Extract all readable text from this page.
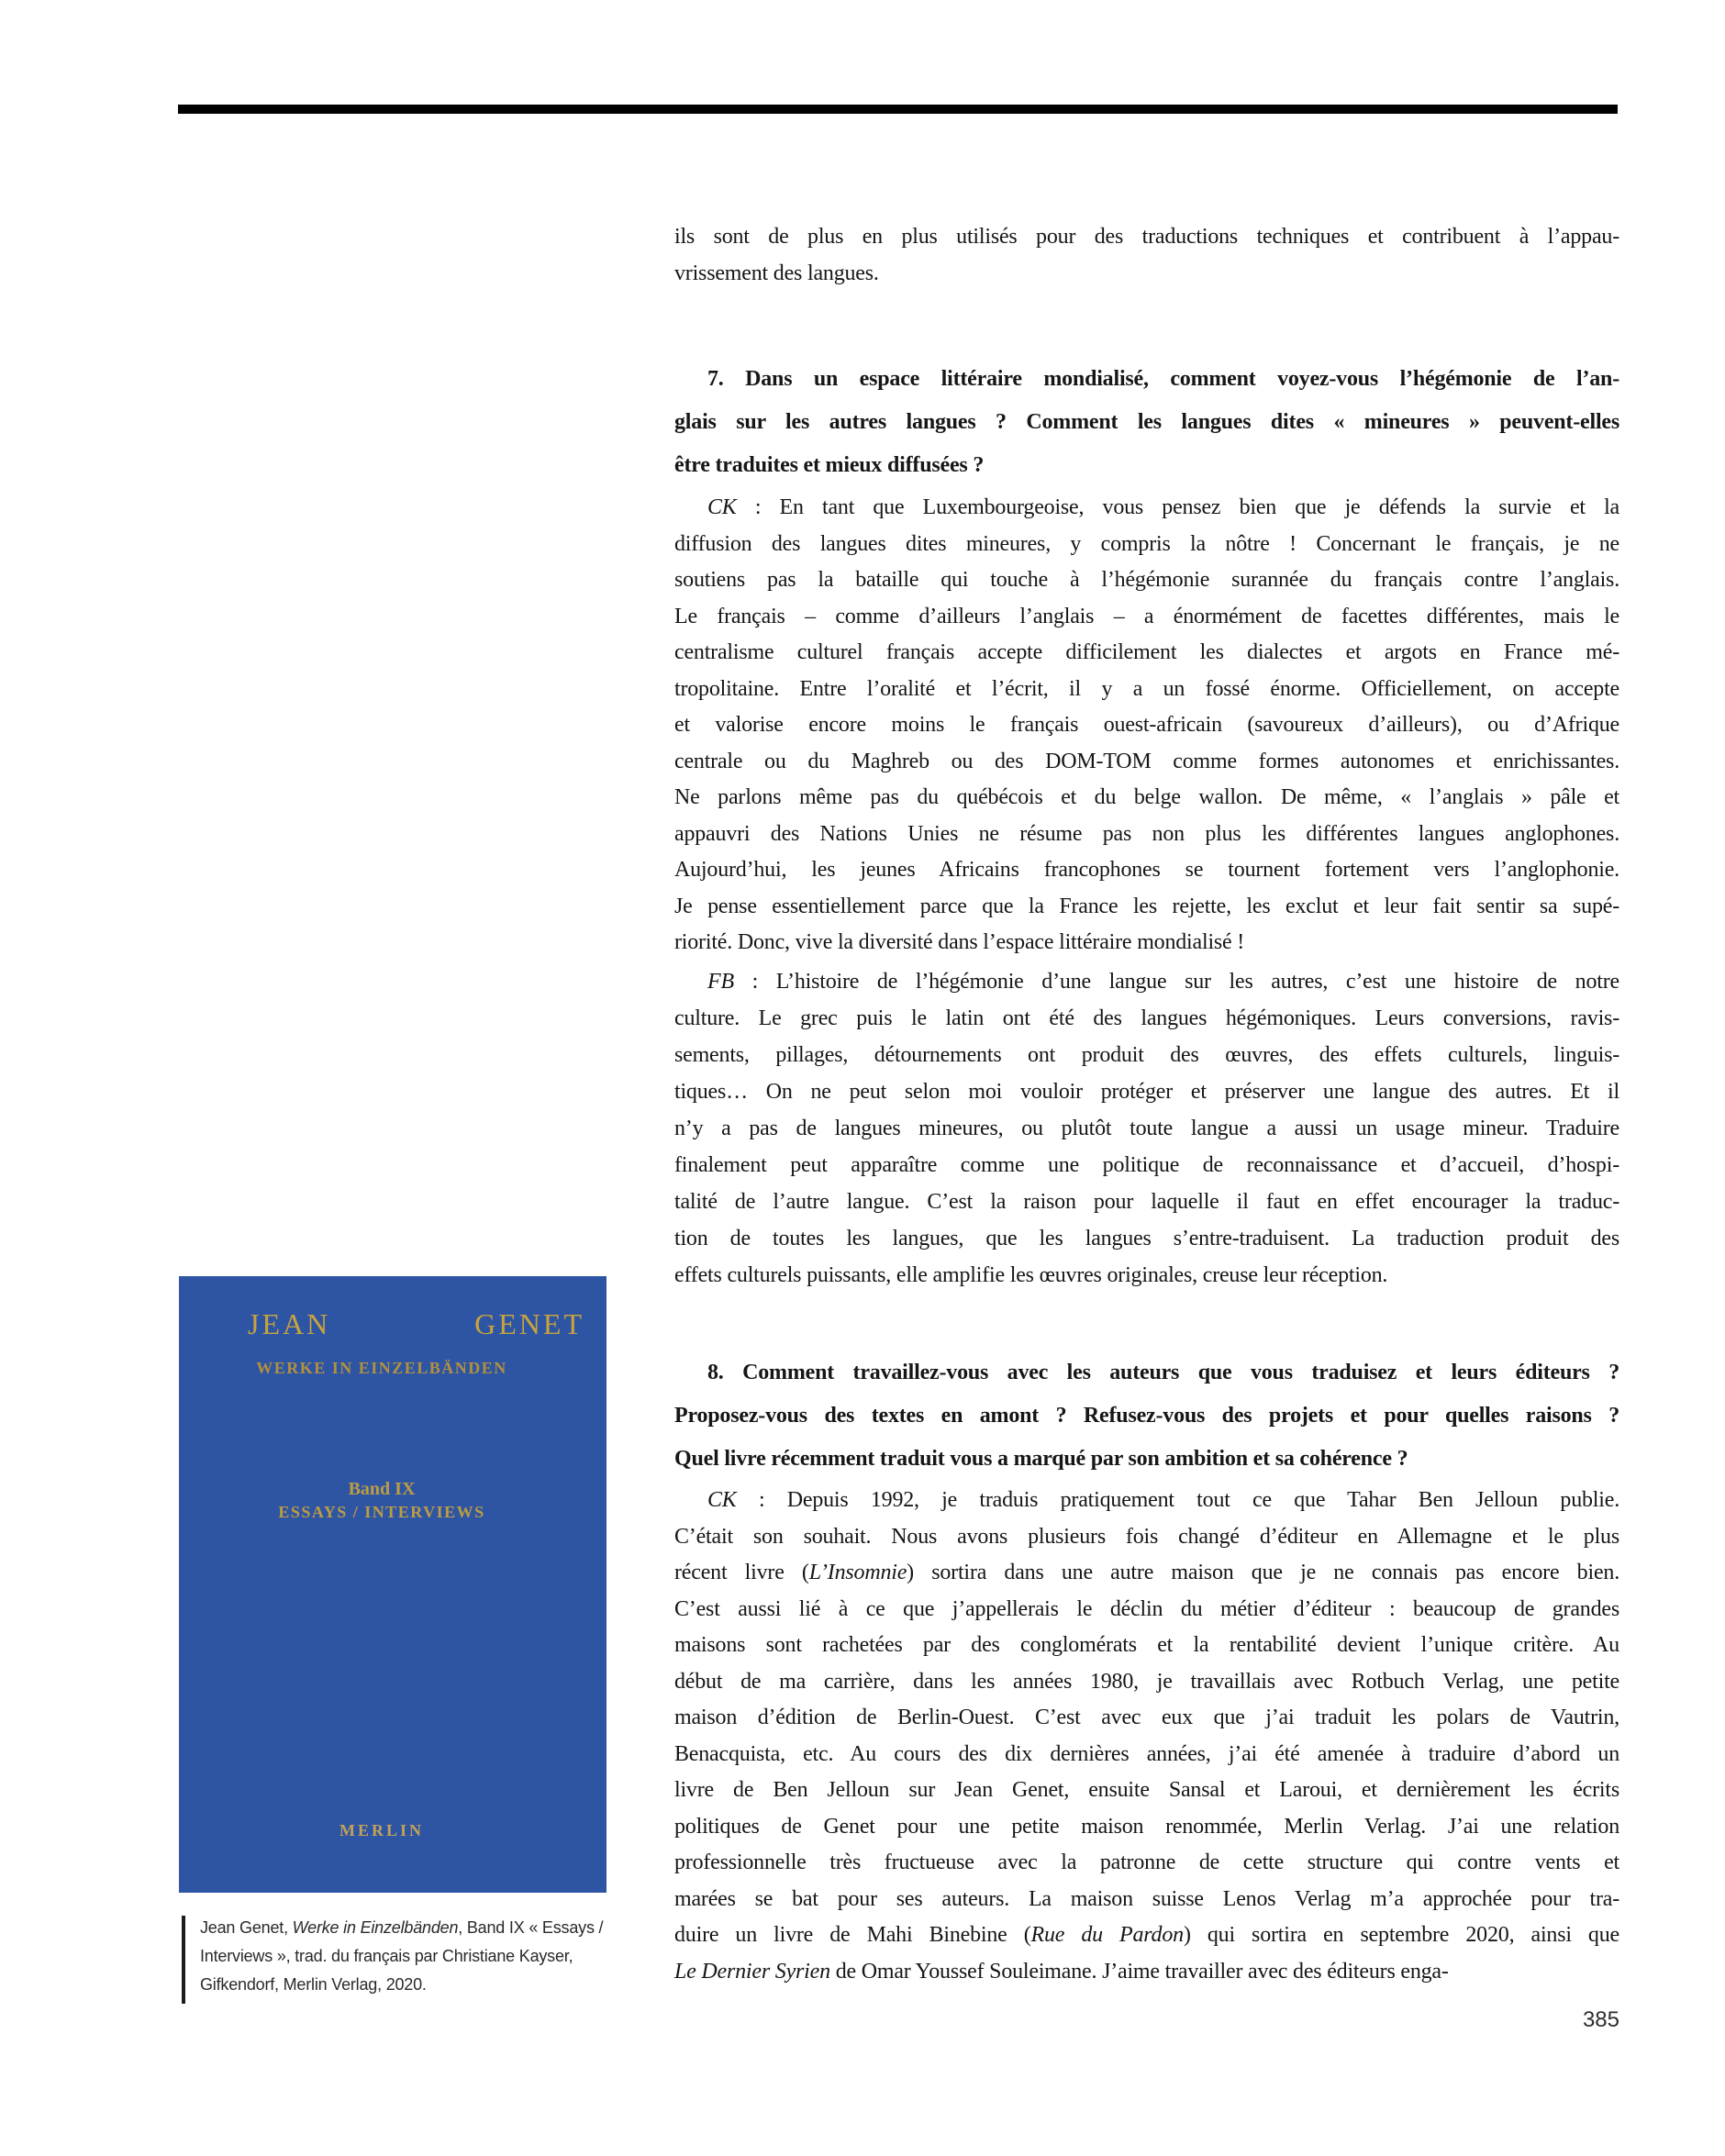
ils sont de plus en plus utilisés pour des traductions techniques et contribuent à l’appau-
vrissement des langues.
7. Dans un espace littéraire mondialisé, comment voyez-vous l’hégémonie de l’an-
glais sur les autres langues ? Comment les langues dites « mineures » peuvent-elles
être traduites et mieux diffusées ?
CK : En tant que Luxembourgeoise, vous pensez bien que je défends la survie et la
diffusion des langues dites mineures, y compris la nôtre ! Concernant le français, je ne
soutiens pas la bataille qui touche à l’hégémonie surannée du français contre l’anglais.
Le français – comme d’ailleurs l’anglais – a énormément de facettes différentes, mais le
centralisme culturel français accepte difficilement les dialectes et argots en France mé-
tropolitaine. Entre l’oralité et l’écrit, il y a un fossé énorme. Officiellement, on accepte
et valorise encore moins le français ouest-africain (savoureux d’ailleurs), ou d’Afrique
centrale ou du Maghreb ou des DOM-TOM comme formes autonomes et enrichissantes.
Ne parlons même pas du québécois et du belge wallon. De même, « l’anglais » pâle et
appauvri des Nations Unies ne résume pas non plus les différentes langues anglophones.
Aujourd’hui, les jeunes Africains francophones se tournent fortement vers l’anglophonie.
Je pense essentiellement parce que la France les rejette, les exclut et leur fait sentir sa supé-
riorité. Donc, vive la diversité dans l’espace littéraire mondialisé !
FB : L’histoire de l’hégémonie d’une langue sur les autres, c’est une histoire de notre
culture. Le grec puis le latin ont été des langues hégémoniques. Leurs conversions, ravis-
sements, pillages, détournements ont produit des œuvres, des effets culturels, linguis-
tiques… On ne peut selon moi vouloir protéger et préserver une langue des autres. Et il
n’y a pas de langues mineures, ou plutôt toute langue a aussi un usage mineur. Traduire
finalement peut apparaître comme une politique de reconnaissance et d’accueil, d’hospi-
talité de l’autre langue. C’est la raison pour laquelle il faut en effet encourager la traduc-
tion de toutes les langues, que les langues s’entre-traduisent. La traduction produit des
effets culturels puissants, elle amplifie les œuvres originales, creuse leur réception.
8. Comment travaillez-vous avec les auteurs que vous traduisez et leurs éditeurs ?
Proposez-vous des textes en amont ? Refusez-vous des projets et pour quelles raisons ?
Quel livre récemment traduit vous a marqué par son ambition et sa cohérence ?
CK : Depuis 1992, je traduis pratiquement tout ce que Tahar Ben Jelloun publie.
C’était son souhait. Nous avons plusieurs fois changé d’éditeur en Allemagne et le plus
récent livre (L’Insomnie) sortira dans une autre maison que je ne connais pas encore bien.
C’est aussi lié à ce que j’appellerais le déclin du métier d’éditeur : beaucoup de grandes
maisons sont rachetées par des conglomérats et la rentabilité devient l’unique critère. Au
début de ma carrière, dans les années 1980, je travaillais avec Rotbuch Verlag, une petite
maison d’édition de Berlin-Ouest. C’est avec eux que j’ai traduit les polars de Vautrin,
Benacquista, etc. Au cours des dix dernières années, j’ai été amenée à traduire d’abord un
livre de Ben Jelloun sur Jean Genet, ensuite Sansal et Laroui, et dernièrement les écrits
politiques de Genet pour une petite maison renommée, Merlin Verlag. J’ai une relation
professionnelle très fructueuse avec la patronne de cette structure qui contre vents et
marées se bat pour ses auteurs. La maison suisse Lenos Verlag m’a approchée pour tra-
duire un livre de Mahi Binebine (Rue du Pardon) qui sortira en septembre 2020, ainsi que
Le Dernier Syrien de Omar Youssef Souleimane. J’aime travailler avec des éditeurs enga-
JEAN	GENET
WERKE IN EINZELBÄNDEN
Band IX
ESSAYS / INTERVIEWS
MERLIN
Jean Genet, Werke in Einzelbänden, Band IX « Essays /
Interviews », trad. du français par Christiane Kayser,
Gifkendorf, Merlin Verlag, 2020.
385
